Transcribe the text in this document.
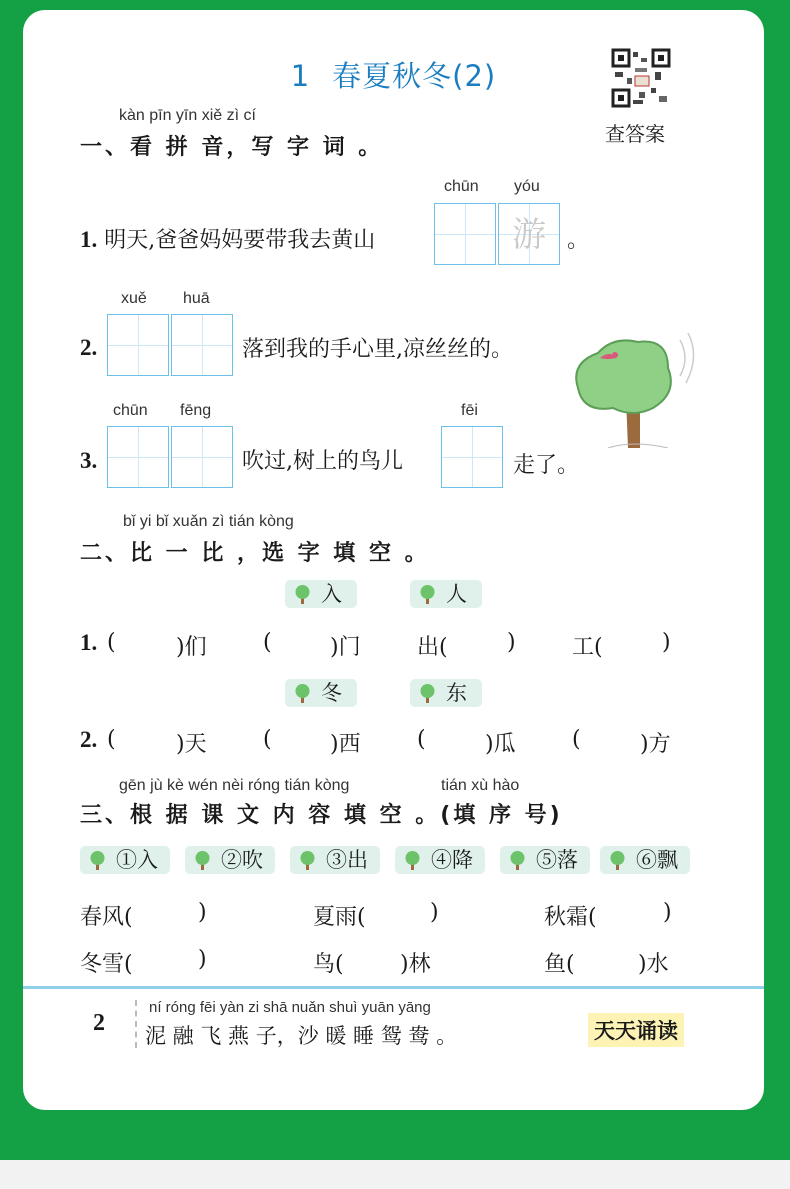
1 春夏秋冬(2)
查答案
kàn pīn yīn xiě zì cí
一、看 拼 音，写 字 词 。
chūn yóu
1. 明天,爸爸妈妈要带我去黄山	游 。
xuě huā
2.	落到我的手心里,凉丝丝的。
chūn fēng	fēi
3.	吹过,树上的鸟儿	走了。
bǐ yi bǐ xuǎn zì tián kòng
二、比 一 比 ，选 字 填 空 。
入	人
1. (	)们	(	)门	出(	)	工(	)
冬	东
2. (	)天	(	)西	(	)瓜	(	)方
gēn jù kè wén nèi róng tián kòng	tián xù hào
三、根 据 课 文 内 容 填 空 。(填 序 号)
①入	②吹	③出	④降	⑤落	⑥飘
春风(	)	夏雨(	)	秋霜(	)
冬雪(	)	鸟(	)林	鱼(	)水
2
ní róng fēi yàn zi shā nuǎn shuì yuān yāng
泥 融 飞 燕 子，沙 暖 睡 鸳 鸯 。	天天诵读
